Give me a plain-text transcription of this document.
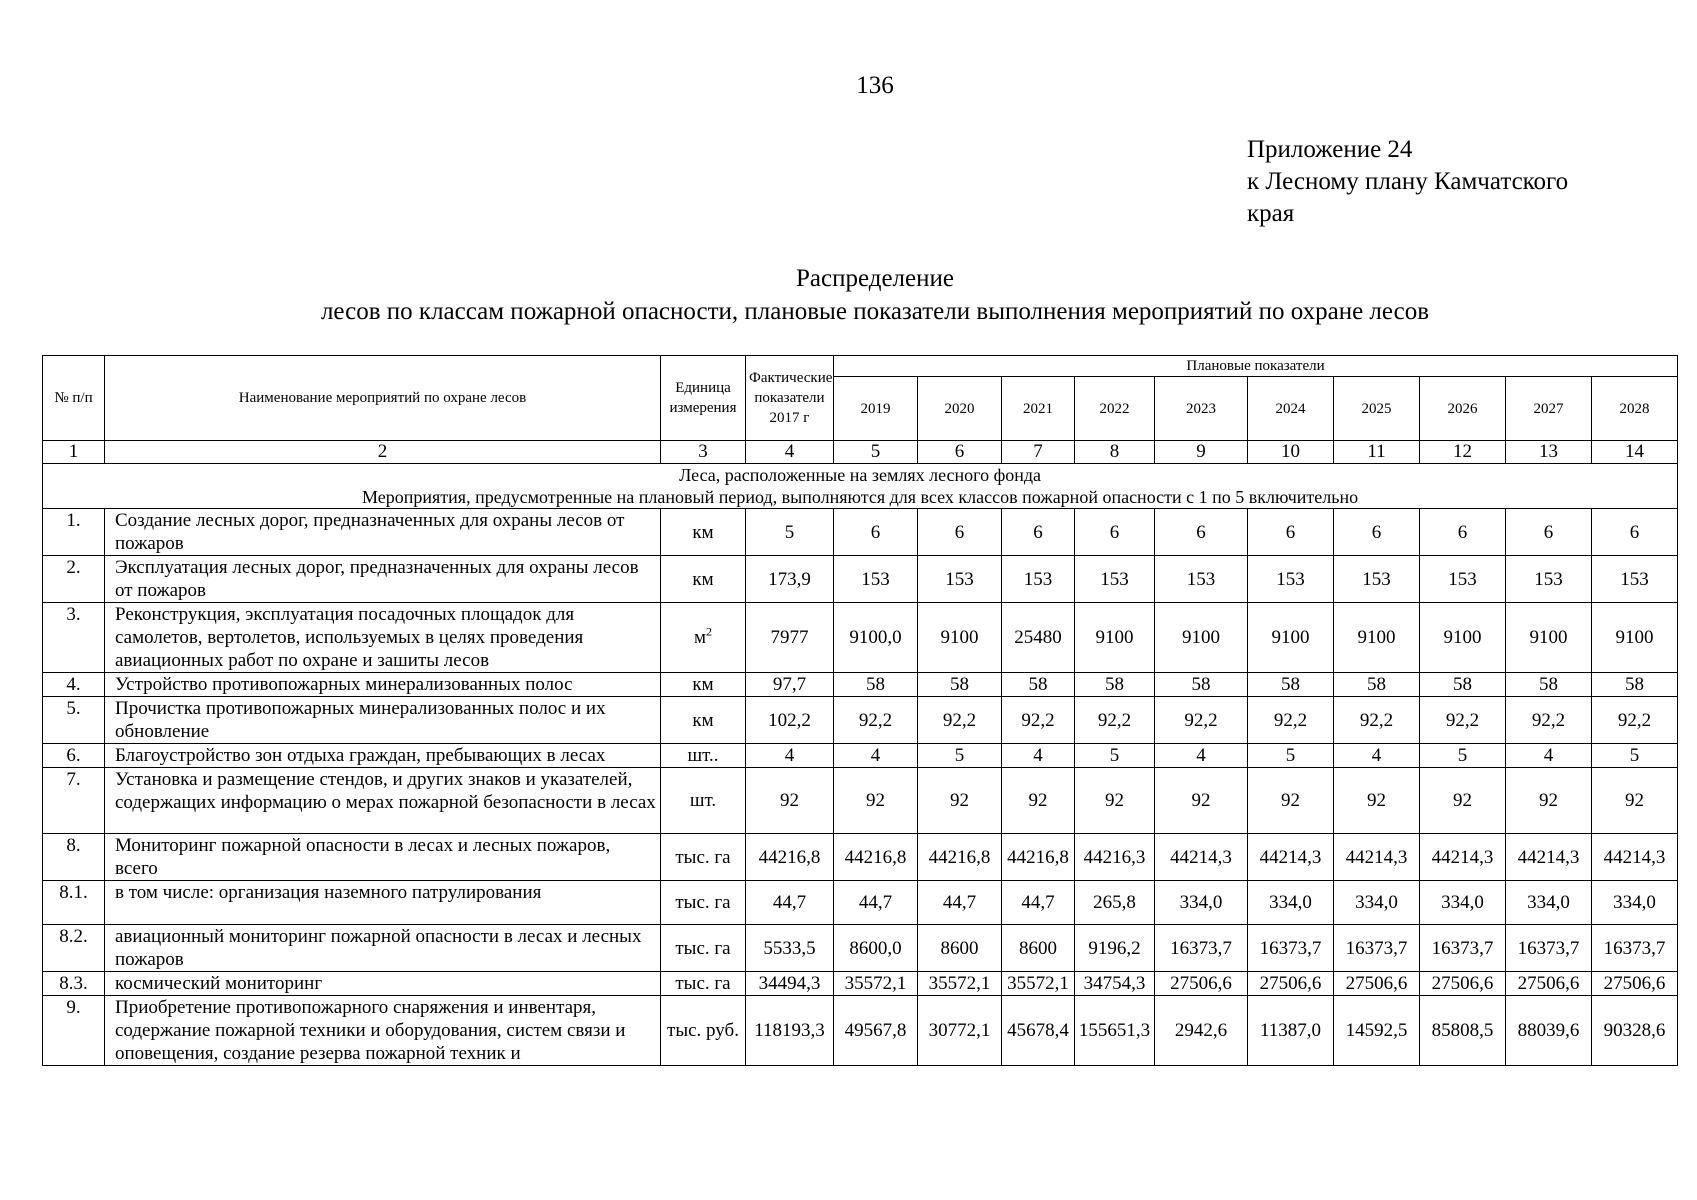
136
Приложение 24
к Лесному плану Камчатского
края
Распределение
лесов по классам пожарной опасности, плановые показатели выполнения мероприятий по охране лесов
№ п/п	Наименование мероприятий по охране лесов	Единица измерения	Фактические показатели 2017 г	Плановые показатели									
				2019	2020	2021	2022	2023	2024	2025	2026	2027	2028
1	2	3	4	5	6	7	8	9	10	11	12	13	14

Леса, расположенные на землях лесного фонда
Мероприятия, предусмотренные на плановый период, выполняются для всех классов пожарной опасности с 1 по 5 включительно													

1.	Создание лесных дорог, предназначенных для охраны лесов от пожаров	км	5	6	6	6	6	6	6	6	6	6	6
2.	Эксплуатация лесных дорог, предназначенных для охраны лесов от пожаров	км	173,9	153	153	153	153	153	153	153	153	153	153
3.	Реконструкция, эксплуатация посадочных площадок для самолетов, вертолетов, используемых в целях проведения авиационных работ по охране и зашиты лесов	$м^2$	7977	9100,0	9100	25480	9100	9100	9100	9100	9100	9100	9100
4.	Устройство противопожарных минерализованных полос	км	97,7	58	58	58	58	58	58	58	58	58	58
5.	Прочистка противопожарных минерализованных полос и их обновление	км	102,2	92,2	92,2	92,2	92,2	92,2	92,2	92,2	92,2	92,2	92,2
6.	Благоустройство зон отдыха граждан, пребывающих в лесах	шт..	4	4	5	4	5	4	5	4	5	4	5
7.	Установка и размещение стендов, и других знаков и указателей, содержащих информацию о мерах пожарной безопасности в лесах	шт.	92	92	92	92	92	92	92	92	92	92	92
8.	Мониторинг пожарной опасности в лесах и лесных пожаров, всего	тыс. га	44216,8	44216,8	44216,8	44216,8	44216,3	44214,3	44214,3	44214,3	44214,3	44214,3	44214,3
8.1.	в том числе: организация наземного патрулирования	тыс. га	44,7	44,7	44,7	44,7	265,8	334,0	334,0	334,0	334,0	334,0	334,0
8.2.	авиационный мониторинг пожарной опасности в лесах и лесных пожаров	тыс. га	5533,5	8600,0	8600	8600	9196,2	16373,7	16373,7	16373,7	16373,7	16373,7	16373,7
8.3.	космический мониторинг	тыс. га	34494,3	35572,1	35572,1	35572,1	34754,3	27506,6	27506,6	27506,6	27506,6	27506,6	27506,6
9.	Приобретение противопожарного снаряжения и инвентаря, содержание пожарной техники и оборудования, систем связи и оповещения, создание резерва пожарной техник и	тыс. руб.	118193,3	49567,8	30772,1	45678,4	155651,3	2942,6	11387,0	14592,5	85808,5	88039,6	90328,6
